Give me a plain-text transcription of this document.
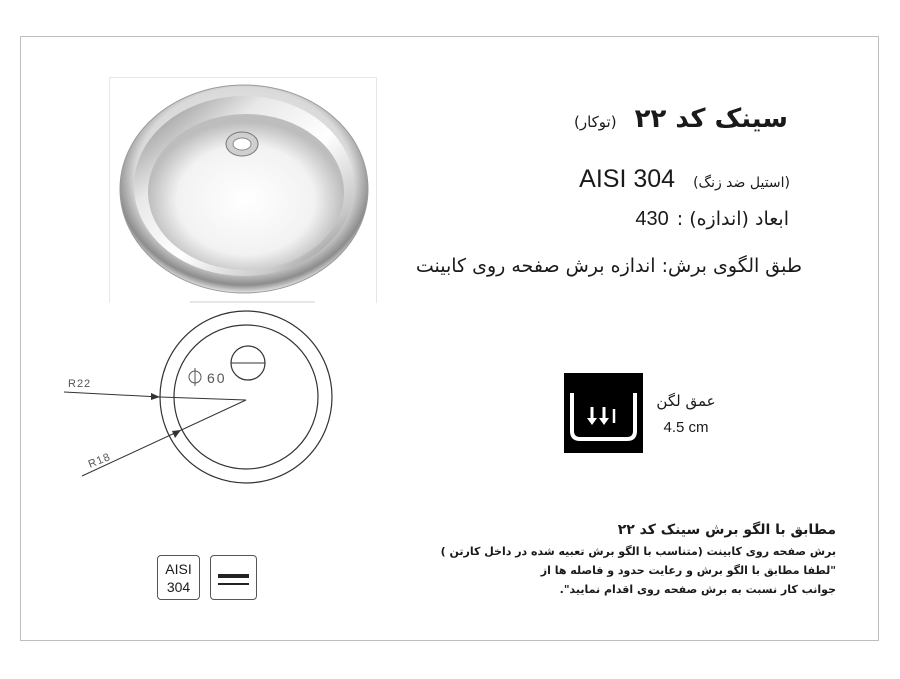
سینک کد ۲۲
(توکار)
AISI 304 (استیل ضد زنگ)
430 ابعاد (اندازه) :
طبق الگوی برش: اندازه برش صفحه روی کابینت
60
R22
R18
عمق لگن
4.5 cm
مطابق با الگو برش سینک کد ۲۲
برش صفحه روی کابینت (متناسب با الگو برش تعبیه شده در داخل کارتن )
"لطفا مطابق با الگو برش و رعایت حدود و فاصله ها از
جوانب کار نسبت به برش صفحه روی اقدام نمایید".
AISI
304
